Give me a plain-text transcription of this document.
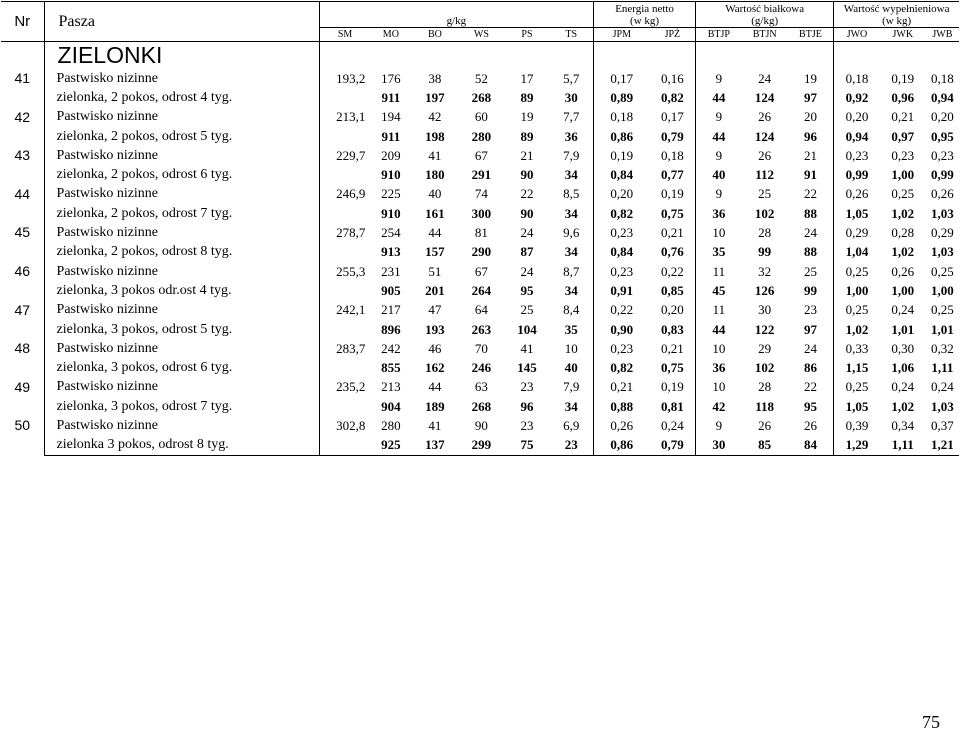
Nr	Pasza	g/kg						Energia netto
(w kg)		Wartość białkowa
(g/kg)			Wartość wypełnieniowa
(w kg)		
		SM	MO	BO	WS	PS	TS	JPM	JPŻ	BTJP	BTJN	BTJE	JWO	JWK	JWB
	ZIELONKI														
41	Pastwisko nizinne	193,2	176	38	52	17	5,7	0,17	0,16	9	24	19	0,18	0,19	0,18
	zielonka, 2 pokos, odrost 4 tyg.		911	197	268	89	30	0,89	0,82	44	124	97	0,92	0,96	0,94
42	Pastwisko nizinne	213,1	194	42	60	19	7,7	0,18	0,17	9	26	20	0,20	0,21	0,20
	zielonka, 2 pokos, odrost 5 tyg.		911	198	280	89	36	0,86	0,79	44	124	96	0,94	0,97	0,95
43	Pastwisko nizinne	229,7	209	41	67	21	7,9	0,19	0,18	9	26	21	0,23	0,23	0,23
	zielonka, 2 pokos, odrost 6 tyg.		910	180	291	90	34	0,84	0,77	40	112	91	0,99	1,00	0,99
44	Pastwisko nizinne	246,9	225	40	74	22	8,5	0,20	0,19	9	25	22	0,26	0,25	0,26
	zielonka, 2 pokos, odrost 7 tyg.		910	161	300	90	34	0,82	0,75	36	102	88	1,05	1,02	1,03
45	Pastwisko nizinne	278,7	254	44	81	24	9,6	0,23	0,21	10	28	24	0,29	0,28	0,29
	zielonka, 2 pokos, odrost 8 tyg.		913	157	290	87	34	0,84	0,76	35	99	88	1,04	1,02	1,03
46	Pastwisko nizinne	255,3	231	51	67	24	8,7	0,23	0,22	11	32	25	0,25	0,26	0,25
	zielonka, 3 pokos odr.ost 4 tyg.		905	201	264	95	34	0,91	0,85	45	126	99	1,00	1,00	1,00
47	Pastwisko nizinne	242,1	217	47	64	25	8,4	0,22	0,20	11	30	23	0,25	0,24	0,25
	zielonka, 3 pokos, odrost 5 tyg.		896	193	263	104	35	0,90	0,83	44	122	97	1,02	1,01	1,01
48	Pastwisko nizinne	283,7	242	46	70	41	10	0,23	0,21	10	29	24	0,33	0,30	0,32
	zielonka, 3 pokos, odrost 6 tyg.		855	162	246	145	40	0,82	0,75	36	102	86	1,15	1,06	1,11
49	Pastwisko nizinne	235,2	213	44	63	23	7,9	0,21	0,19	10	28	22	0,25	0,24	0,24
	zielonka, 3 pokos, odrost 7 tyg.		904	189	268	96	34	0,88	0,81	42	118	95	1,05	1,02	1,03
50	Pastwisko nizinne	302,8	280	41	90	23	6,9	0,26	0,24	9	26	26	0,39	0,34	0,37
	zielonka 3 pokos, odrost 8 tyg.		925	137	299	75	23	0,86	0,79	30	85	84	1,29	1,11	1,21
75
